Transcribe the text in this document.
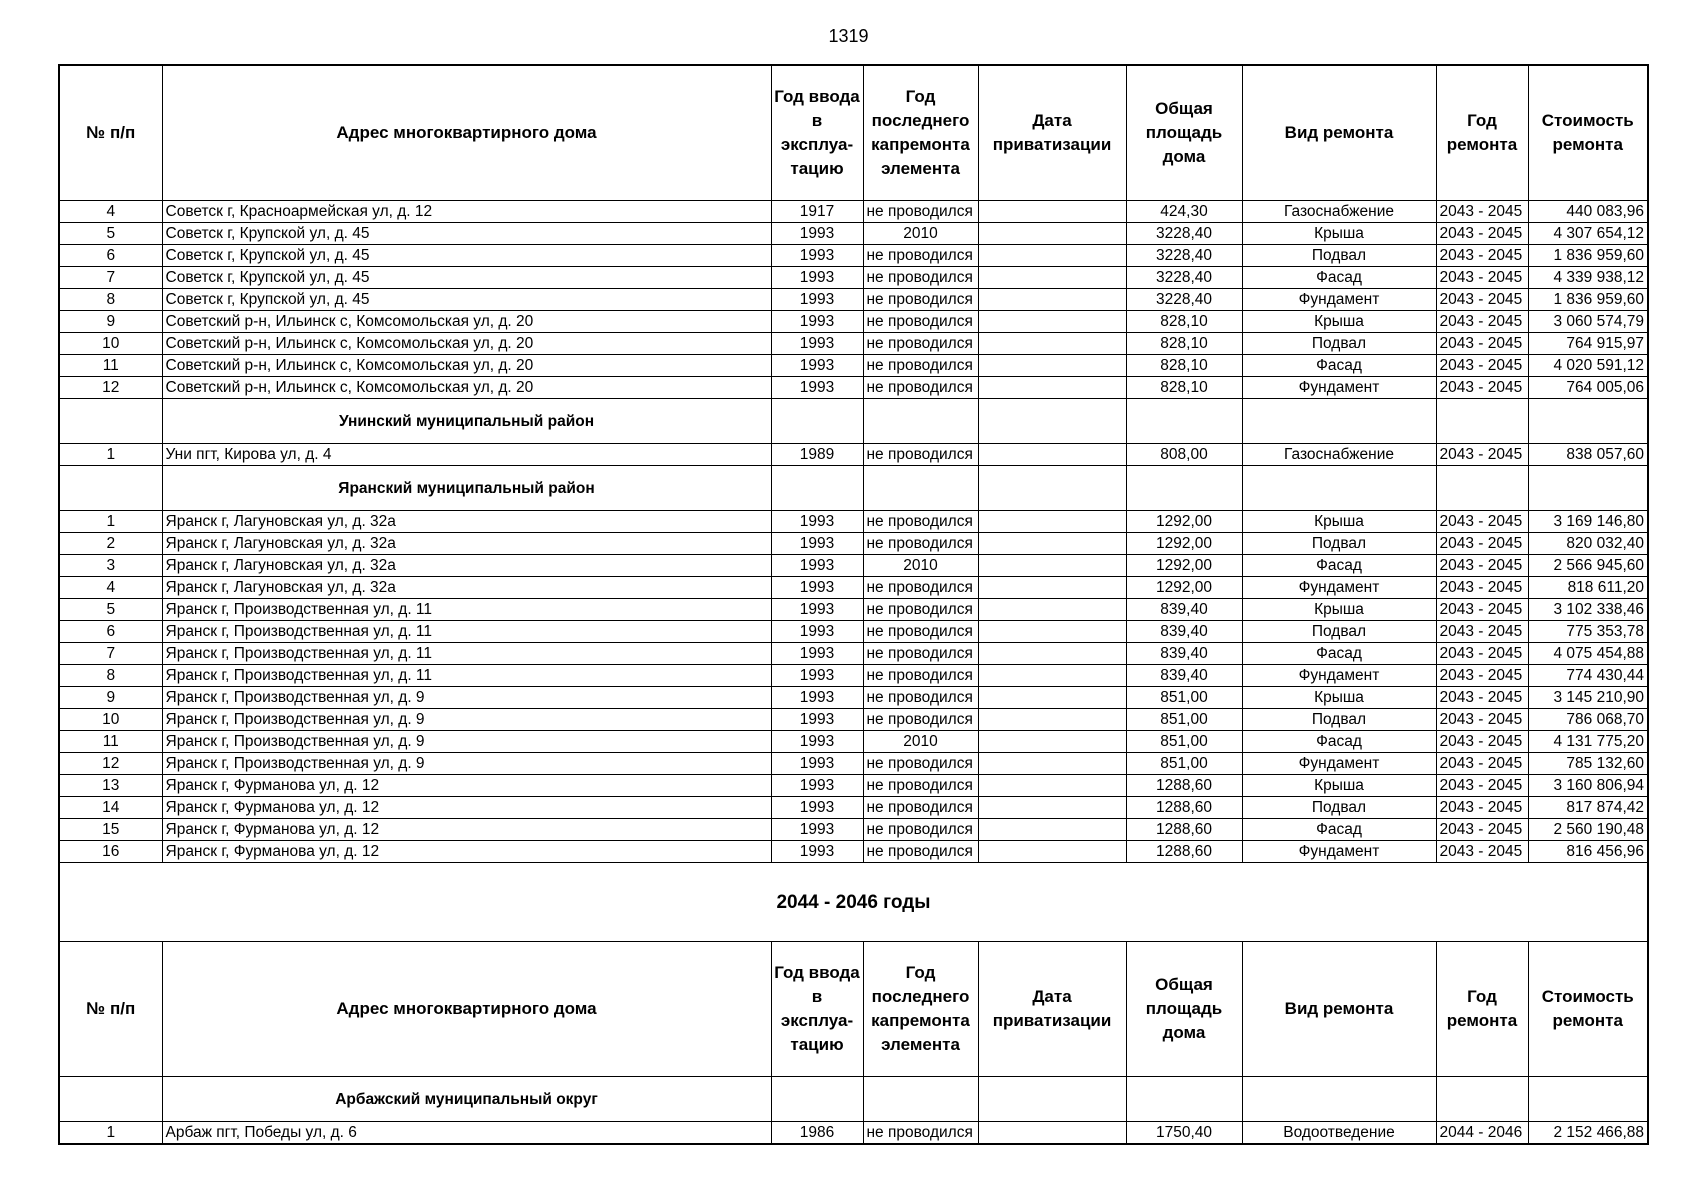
1319
№ п/п	Адрес многоквартирного дома	Год ввода в эксплуа- тацию	Год последнего капремонта элемента	Дата приватизации	Общая площадь дома	Вид ремонта	Год ремонта	Стоимость ремонта
4	Советск г, Красноармейская ул, д. 12	1917	не проводился		424,30	Газоснабжение	2043 - 2045	440 083,96
5	Советск г, Крупской ул, д. 45	1993	2010		3228,40	Крыша	2043 - 2045	4 307 654,12
6	Советск г, Крупской ул, д. 45	1993	не проводился		3228,40	Подвал	2043 - 2045	1 836 959,60
7	Советск г, Крупской ул, д. 45	1993	не проводился		3228,40	Фасад	2043 - 2045	4 339 938,12
8	Советск г, Крупской ул, д. 45	1993	не проводился		3228,40	Фундамент	2043 - 2045	1 836 959,60
9	Советский р-н, Ильинск с, Комсомольская ул, д. 20	1993	не проводился		828,10	Крыша	2043 - 2045	3 060 574,79
10	Советский р-н, Ильинск с, Комсомольская ул, д. 20	1993	не проводился		828,10	Подвал	2043 - 2045	764 915,97
11	Советский р-н, Ильинск с, Комсомольская ул, д. 20	1993	не проводился		828,10	Фасад	2043 - 2045	4 020 591,12
12	Советский р-н, Ильинск с, Комсомольская ул, д. 20	1993	не проводился		828,10	Фундамент	2043 - 2045	764 005,06
	Унинский муниципальный район							
1	Уни пгт, Кирова ул, д. 4	1989	не проводился		808,00	Газоснабжение	2043 - 2045	838 057,60
	Яранский муниципальный район							
1	Яранск г, Лагуновская ул, д. 32а	1993	не проводился		1292,00	Крыша	2043 - 2045	3 169 146,80
2	Яранск г, Лагуновская ул, д. 32а	1993	не проводился		1292,00	Подвал	2043 - 2045	820 032,40
3	Яранск г, Лагуновская ул, д. 32а	1993	2010		1292,00	Фасад	2043 - 2045	2 566 945,60
4	Яранск г, Лагуновская ул, д. 32а	1993	не проводился		1292,00	Фундамент	2043 - 2045	818 611,20
5	Яранск г, Производственная ул, д. 11	1993	не проводился		839,40	Крыша	2043 - 2045	3 102 338,46
6	Яранск г, Производственная ул, д. 11	1993	не проводился		839,40	Подвал	2043 - 2045	775 353,78
7	Яранск г, Производственная ул, д. 11	1993	не проводился		839,40	Фасад	2043 - 2045	4 075 454,88
8	Яранск г, Производственная ул, д. 11	1993	не проводился		839,40	Фундамент	2043 - 2045	774 430,44
9	Яранск г, Производственная ул, д. 9	1993	не проводился		851,00	Крыша	2043 - 2045	3 145 210,90
10	Яранск г, Производственная ул, д. 9	1993	не проводился		851,00	Подвал	2043 - 2045	786 068,70
11	Яранск г, Производственная ул, д. 9	1993	2010		851,00	Фасад	2043 - 2045	4 131 775,20
12	Яранск г, Производственная ул, д. 9	1993	не проводился		851,00	Фундамент	2043 - 2045	785 132,60
13	Яранск г, Фурманова ул, д. 12	1993	не проводился		1288,60	Крыша	2043 - 2045	3 160 806,94
14	Яранск г, Фурманова ул, д. 12	1993	не проводился		1288,60	Подвал	2043 - 2045	817 874,42
15	Яранск г, Фурманова ул, д. 12	1993	не проводился		1288,60	Фасад	2043 - 2045	2 560 190,48
16	Яранск г, Фурманова ул, д. 12	1993	не проводился		1288,60	Фундамент	2043 - 2045	816 456,96
2044 - 2046 годы								
№ п/п	Адрес многоквартирного дома	Год ввода в эксплуа- тацию	Год последнего капремонта элемента	Дата приватизации	Общая площадь дома	Вид ремонта	Год ремонта	Стоимость ремонта
	Арбажский муниципальный округ							
1	Арбаж пгт, Победы ул, д. 6	1986	не проводился		1750,40	Водоотведение	2044 - 2046	2 152 466,88
